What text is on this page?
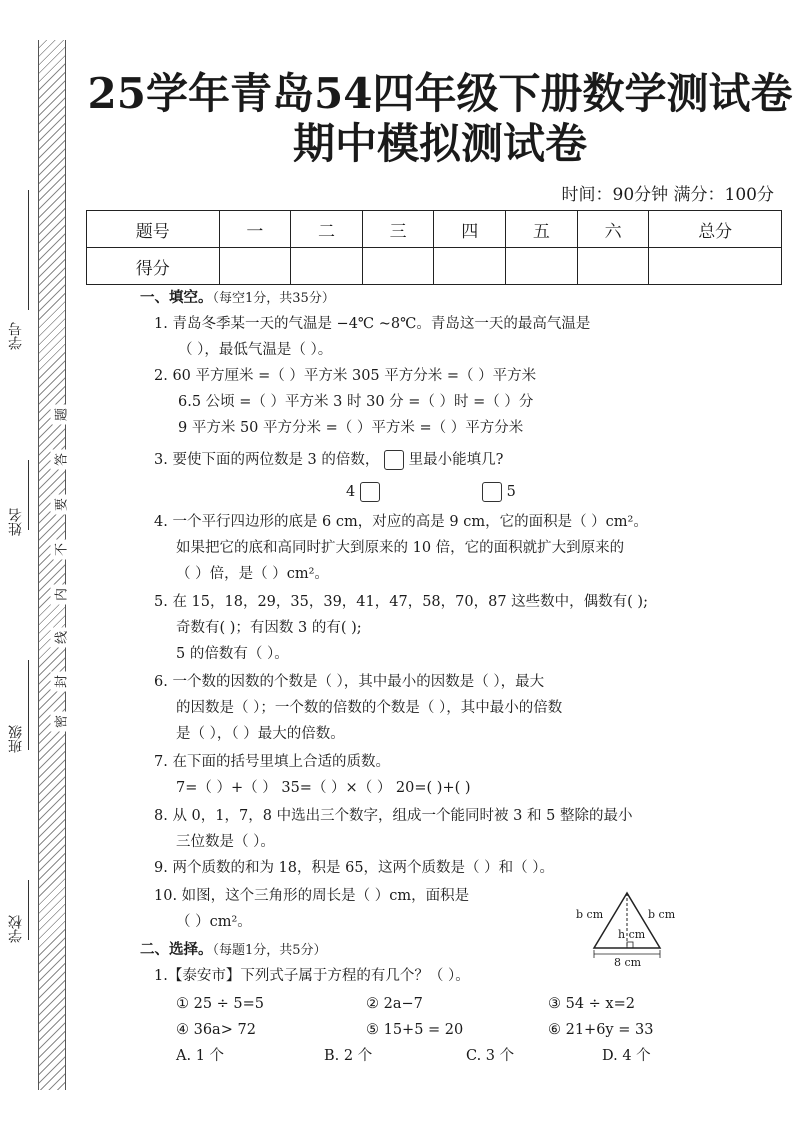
学校
班级
姓名
学号
密
封
线
内
不
要
答
题
25学年青岛54四年级下册数学测试卷
期中模拟测试卷
时间：90分钟 满分：100分
题号	一	二	三	四	五	六	总分
得分							
一、填空。（每空1分，共35分）
1. 青岛冬季某一天的气温是 −4℃ ~8℃。青岛这一天的最高气温是
（ ），最低气温是（ ）。
2. 60 平方厘米 =（ ）平方米 305 平方分米 =（ ）平方米
6.5 公顷 =（ ）平方米 3 时 30 分 =（ ）时 =（ ）分
9 平方米 50 平方分米 =（ ）平方米 =（ ）平方分米
3. 要使下面的两位数是 3 的倍数， 里最小能填几?
4	5
4. 一个平行四边形的底是 6 cm，对应的高是 9 cm，它的面积是（ ）cm²。
如果把它的底和高同时扩大到原来的 10 倍，它的面积就扩大到原来的
（ ）倍，是（ ）cm²。
5. 在 15，18，29，35，39，41，47，58，70，87 这些数中，偶数有( );
奇数有( )；有因数 3 的有( );
5 的倍数有（ ）。
6. 一个数的因数的个数是（ ），其中最小的因数是（ ），最大
的因数是（ ）；一个数的倍数的个数是（ ），其中最小的倍数
是（ ），（ ）最大的倍数。
7. 在下面的括号里填上合适的质数。
7=（ ）+（ ） 35=（ ）×（ ） 20=( )+( )
8. 从 0，1，7，8 中选出三个数字，组成一个能同时被 3 和 5 整除的最小
三位数是（ ）。
9. 两个质数的和为 18，积是 65，这两个质数是（ ）和（ ）。
10. 如图，这个三角形的周长是（ ）cm，面积是
（ ）cm²。	b cm	b cm
h cm
8 cm
二、选择。（每题1分，共5分）
1.【泰安市】下列式子属于方程的有几个？（ ）。
① 25 ÷ 5=5	② 2a−7	③ 54 ÷ x=2
④ 36a> 72	⑤ 15+5 = 20	⑥ 21+6y = 33
A. 1 个	B. 2 个	C. 3 个	D. 4 个
